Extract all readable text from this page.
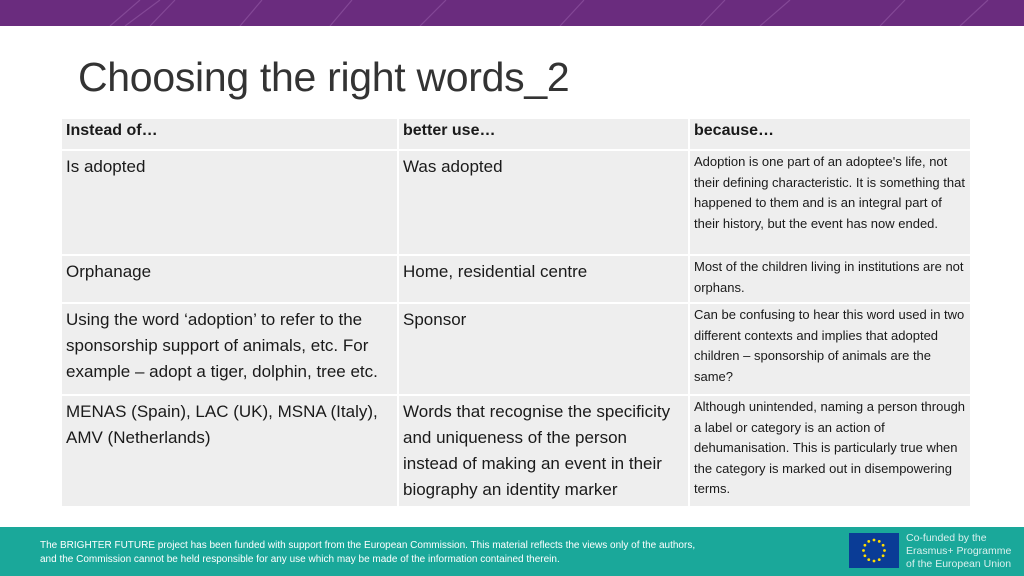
Choosing the right words_2
Instead of…	better use…	because…
Is adopted	Was adopted	Adoption is one part of an adoptee's life, not their defining characteristic. It is something that happened to them and is an integral part of their history, but the event has now ended.
Orphanage	Home, residential centre	Most of the children living in institutions are not orphans.
Using the word ‘adoption’ to refer to the sponsorship support of animals, etc. For example – adopt a tiger, dolphin, tree etc.	Sponsor	Can be confusing to hear this word used in two different contexts and implies that adopted children – sponsorship of animals are the same?
MENAS (Spain), LAC (UK), MSNA (Italy), AMV (Netherlands)	Words that recognise the specificity and uniqueness of the person instead of making an event in their biography an identity marker	Although unintended, naming a person through a label or category is an action of dehumanisation. This is particularly true when the category is marked out in disempowering terms.
The BRIGHTER FUTURE project has been funded with support from the European Commission. This material reflects the views only of the authors,
and the Commission cannot be held responsible for any use which may be made of the information contained therein.
Co-funded by the
Erasmus+ Programme
of the European Union
